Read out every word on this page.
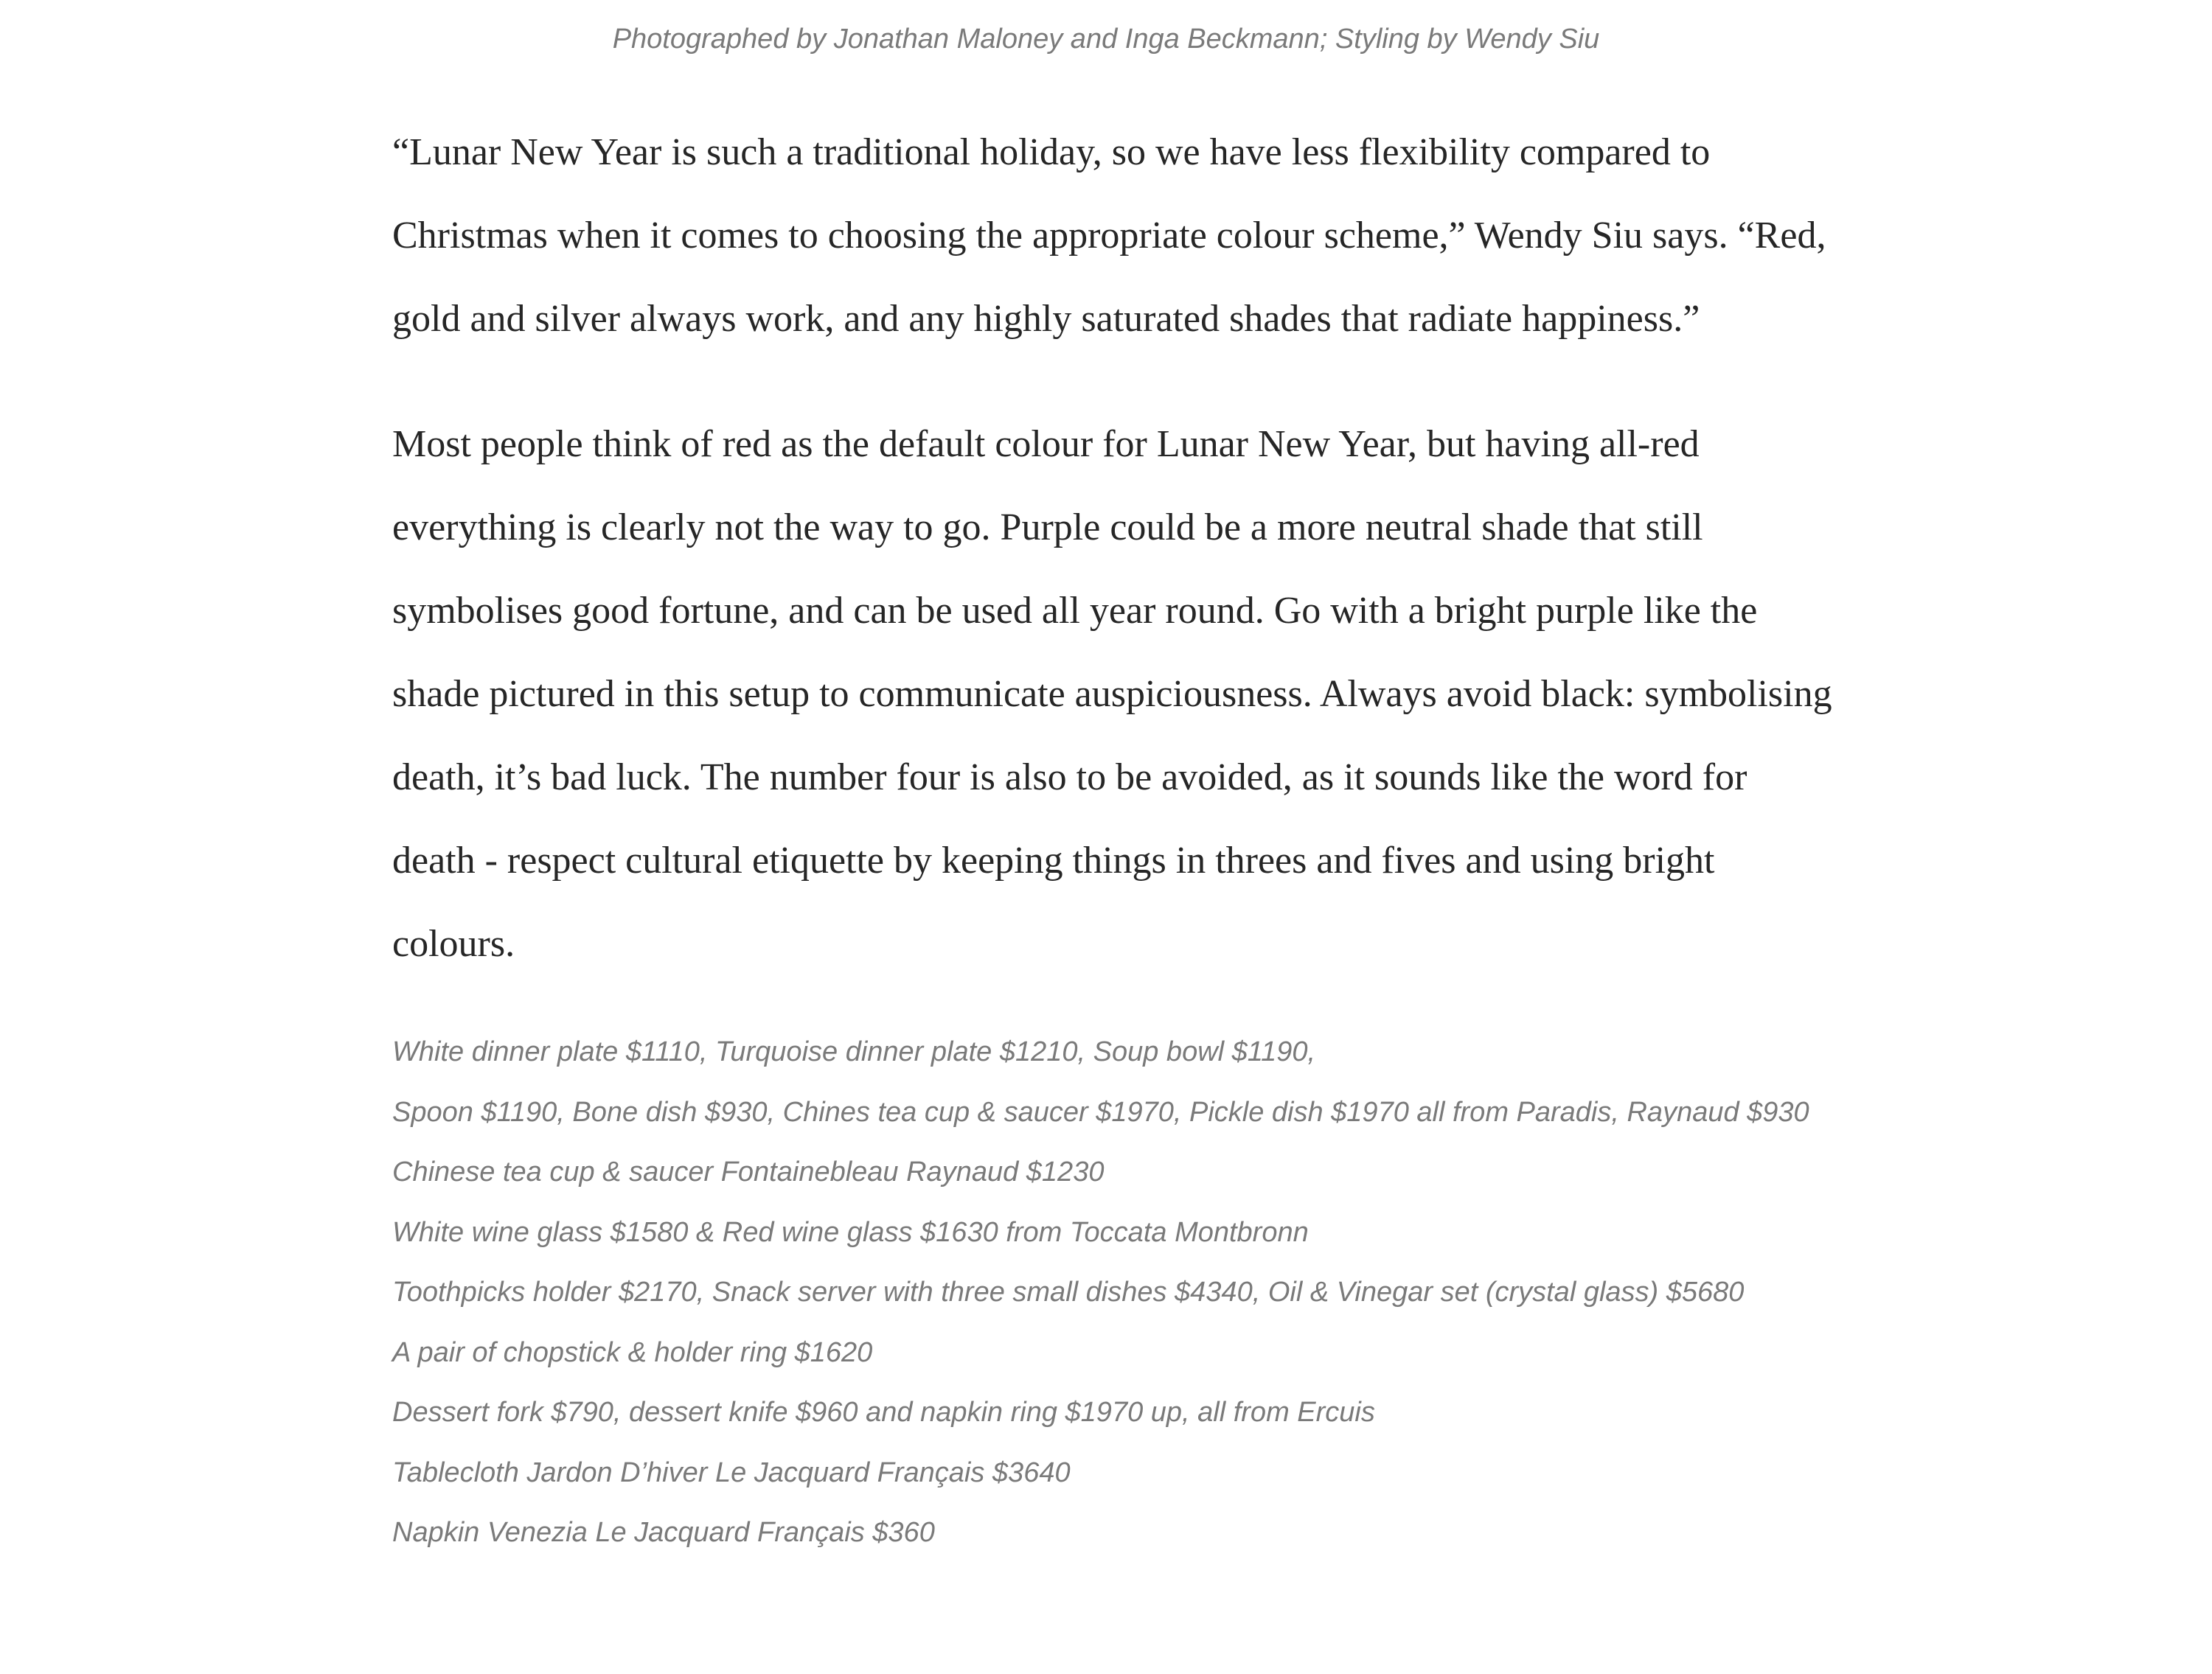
Photographed by Jonathan Maloney and Inga Beckmann; Styling by Wendy Siu

“Lunar New Year is such a traditional holiday, so we have less flexibility compared to Christmas when it comes to choosing the appropriate colour scheme,” Wendy Siu says. “Red, gold and silver always work, and any highly saturated shades that radiate happiness.”

Most people think of red as the default colour for Lunar New Year, but having all-red everything is clearly not the way to go. Purple could be a more neutral shade that still symbolises good fortune, and can be used all year round. Go with a bright purple like the shade pictured in this setup to communicate auspiciousness. Always avoid black: symbolising death, it’s bad luck. The number four is also to be avoided, as it sounds like the word for death - respect cultural etiquette by keeping things in threes and fives and using bright colours.

White dinner plate $1110, Turquoise dinner plate $1210, Soup bowl $1190,

Spoon $1190, Bone dish $930, Chines tea cup & saucer $1970, Pickle dish $1970 all from Paradis, Raynaud $930

Chinese tea cup & saucer Fontainebleau Raynaud $1230

White wine glass $1580 & Red wine glass $1630 from Toccata Montbronn

Toothpicks holder $2170, Snack server with three small dishes $4340, Oil & Vinegar set (crystal glass) $5680

A pair of chopstick & holder ring $1620

Dessert fork $790, dessert knife $960 and napkin ring $1970 up, all from Ercuis

Tablecloth Jardon D’hiver Le Jacquard Français $3640

Napkin Venezia Le Jacquard Français $360
